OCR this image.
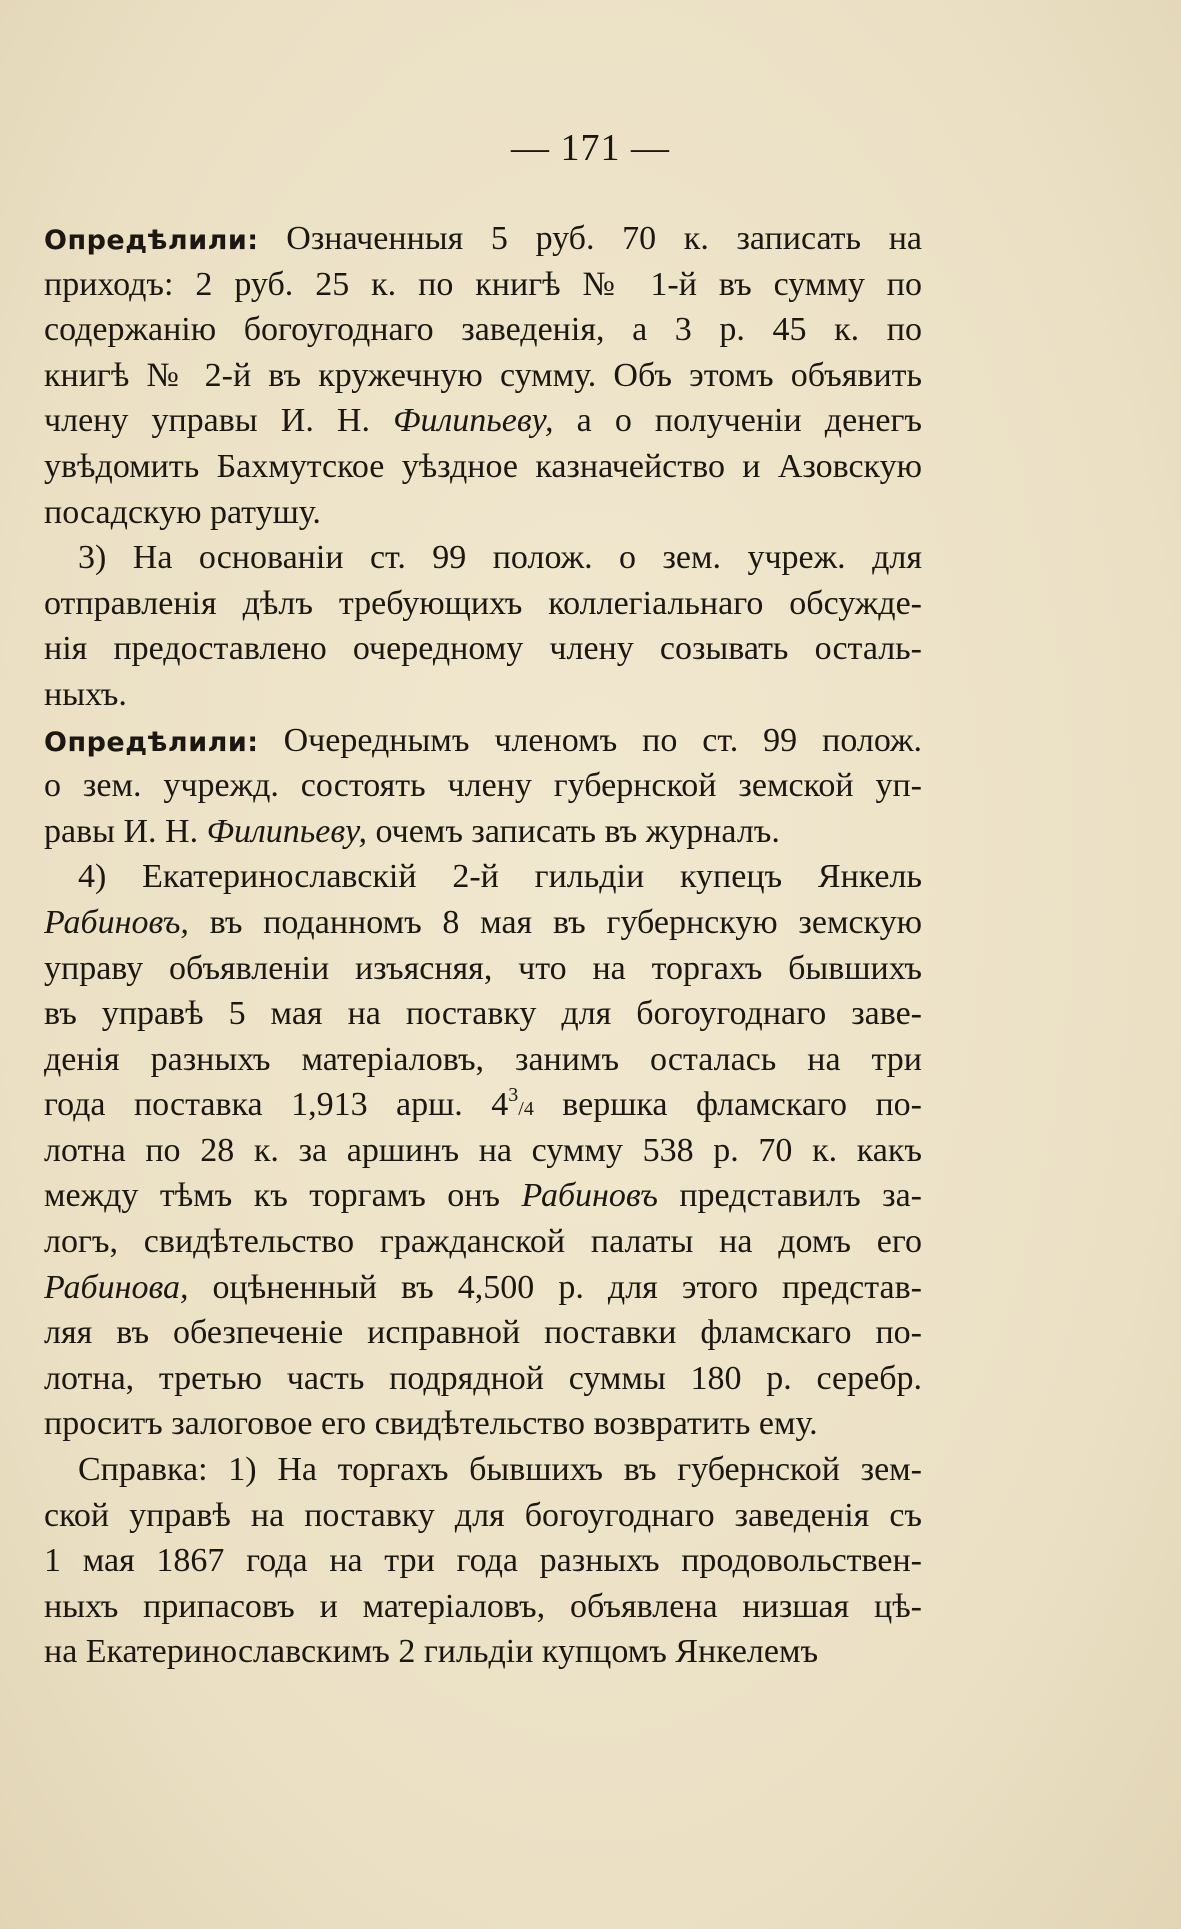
— 171 —
Опредѣлили: Означенныя 5 руб. 70 к. записать на
приходъ: 2 руб. 25 к. по книгѣ № 1-й въ сумму по
содержанію богоугоднаго заведенія, а 3 р. 45 к. по
книгѣ № 2-й въ кружечную сумму. Объ этомъ объявить
члену управы И. Н. Филипьеву, а о полученіи денегъ
увѣдомить Бахмутское уѣздное казначейство и Азовскую
посадскую ратушу.
3) На основаніи ст. 99 полож. о зем. учреж. для
отправленія дѣлъ требующихъ коллегіальнаго обсужде-
нія предоставлено очередному члену созывать осталь-
ныхъ.
Опредѣлили: Очереднымъ членомъ по ст. 99 полож.
о зем. учрежд. состоять члену губернской земской уп-
равы И. Н. Филипьеву, очемъ записать въ журналъ.
4) Екатеринославскій 2-й гильдіи купецъ Янкель
Рабиновъ, въ поданномъ 8 мая въ губернскую земскую
управу объявленіи изъясняя, что на торгахъ бывшихъ
въ управѣ 5 мая на поставку для богоугоднаго заве-
денія разныхъ матеріаловъ, занимъ осталась на три
года поставка 1,913 арш. $4^3/4$ вершка фламскаго по-
лотна по 28 к. за аршинъ на сумму 538 р. 70 к. какъ
между тѣмъ къ торгамъ онъ Рабиновъ представилъ за-
логъ, свидѣтельство гражданской палаты на домъ его
Рабинова, оцѣненный въ 4,500 р. для этого представ-
ляя въ обезпеченіе исправной поставки фламскаго по-
лотна, третью часть подрядной суммы 180 р. серебр.
проситъ залоговое его свидѣтельство возвратить ему.
Справка: 1) На торгахъ бывшихъ въ губернской зем-
ской управѣ на поставку для богоугоднаго заведенія съ
1 мая 1867 года на три года разныхъ продовольствен-
ныхъ припасовъ и матеріаловъ, объявлена низшая цѣ-
на Екатеринославскимъ 2 гильдіи купцомъ Янкелемъ
